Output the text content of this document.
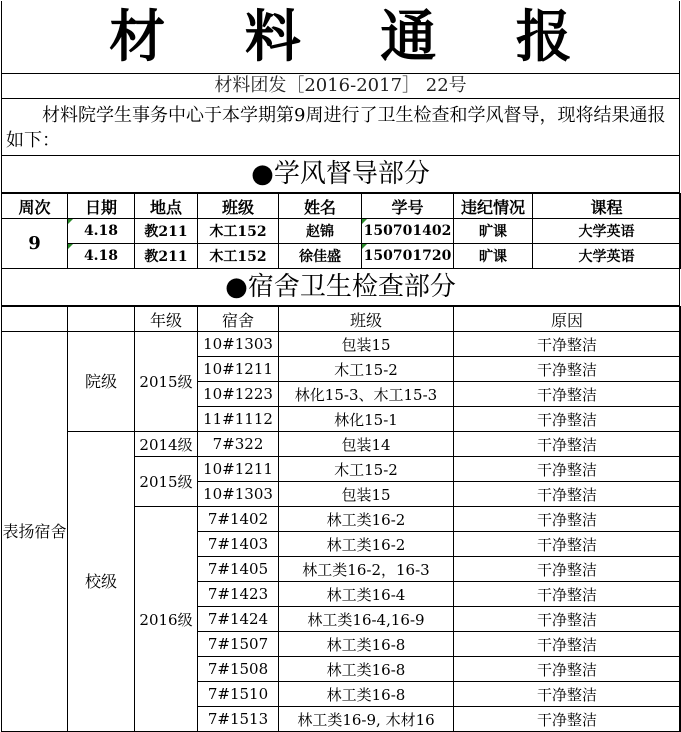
材 料 通 报
材料团发［2016-2017］ 22号
材料院学生事务中心于本学期第9周进行了卫生检查和学风督导，现将结果通报如下：
●学风督导部分
周次	日期	地点	班级	姓名	学号	违纪情况	课程
9	4.18	教211	木工152	赵锦	150701402	旷课	大学英语
	4.18	教211	木工152	徐佳盛	150701720	旷课	大学英语
●宿舍卫生检查部分
		年级	宿舍	班级	原因
表扬宿舍	院级	2015级	10#1303	包装15	干净整洁
			10#1211	木工15-2	干净整洁
			10#1223	林化15-3、木工15-3	干净整洁
			11#1112	林化15-1	干净整洁
	校级	2014级	7#322	包装14	干净整洁
		2015级	10#1211	木工15-2	干净整洁
			10#1303	包装15	干净整洁
		2016级	7#1402	林工类16-2	干净整洁
			7#1403	林工类16-2	干净整洁
			7#1405	林工类16-2，16-3	干净整洁
			7#1423	林工类16-4	干净整洁
			7#1424	林工类16-4,16-9	干净整洁
			7#1507	林工类16-8	干净整洁
			7#1508	林工类16-8	干净整洁
			7#1510	林工类16-8	干净整洁
			7#1513	林工类16-9, 木材16	干净整洁
